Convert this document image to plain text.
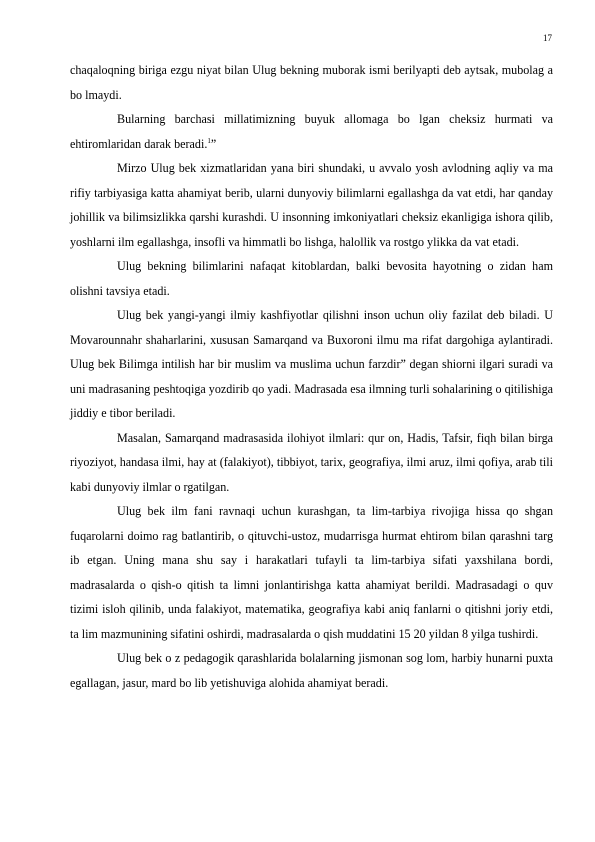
17

chaqaloqning biriga ezgu niyat bilan Ulug bekning muborak ismi berilyapti deb aytsak, mubolag a bo lmaydi.

Bularning barchasi millatimizning buyuk allomaga bo lgan cheksiz hurmati va ehtiromlaridan darak beradi.$^1$”

Mirzo Ulug bek xizmatlaridan yana biri shundaki, u avvalo yosh avlodning aqliy va ma rifiy tarbiyasiga katta ahamiyat berib, ularni dunyoviy bilimlarni egallashga da vat etdi, har qanday johillik va bilimsizlikka qarshi kurashdi. U insonning imkoniyatlari cheksiz ekanligiga ishora qilib, yoshlarni ilm egallashga, insofli va himmatli bo lishga, halollik va rostgo ylikka da vat etadi.

Ulug bekning bilimlarini nafaqat kitoblardan, balki bevosita hayotning o zidan ham olishni tavsiya etadi.

Ulug bek yangi-yangi ilmiy kashfiyotlar qilishni inson uchun oliy fazilat deb biladi. U Movarounnahr shaharlarini, xususan Samarqand va Buxoroni ilmu ma rifat dargohiga aylantiradi. Ulug bek Bilimga intilish har bir muslim va muslima uchun farzdir” degan shiorni ilgari suradi va uni madrasaning peshtoqiga yozdirib qo yadi. Madrasada esa ilmning turli sohalarining o qitilishiga jiddiy e tibor beriladi.

Masalan, Samarqand madrasasida ilohiyot ilmlari: qur on, Hadis, Tafsir, fiqh bilan birga riyoziyot, handasa ilmi, hay at (falakiyot), tibbiyot, tarix, geografiya, ilmi aruz, ilmi qofiya, arab tili kabi dunyoviy ilmlar o rgatilgan.

Ulug bek ilm fani ravnaqi uchun kurashgan, ta lim-tarbiya rivojiga hissa qo shgan fuqarolarni doimo rag batlantirib, o qituvchi-ustoz, mudarrisga hurmat ehtirom bilan qarashni targ ib etgan. Uning mana shu say i harakatlari tufayli ta lim-tarbiya sifati yaxshilana bordi, madrasalarda o qish-o qitish ta limni jonlantirishga katta ahamiyat berildi. Madrasadagi o quv tizimi isloh qilinib, unda falakiyot, matematika, geografiya kabi aniq fanlarni o qitishni joriy etdi, ta lim mazmunining sifatini oshirdi, madrasalarda o qish muddatini 15 20 yildan 8 yilga tushirdi.

Ulug bek o z pedagogik qarashlarida bolalarning jismonan sog lom, harbiy hunarni puxta egallagan, jasur, mard bo lib yetishuviga alohida ahamiyat beradi.
